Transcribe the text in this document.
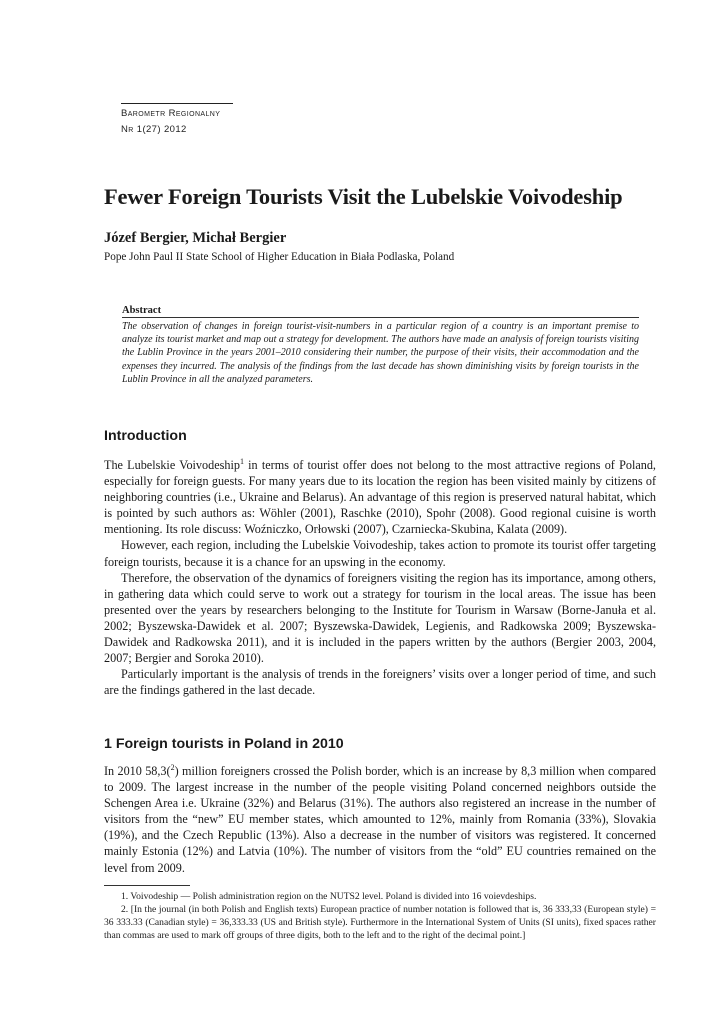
Barometr Regionalny
Nr 1(27) 2012
Fewer Foreign Tourists Visit the Lubelskie Voivodeship
Józef Bergier, Michał Bergier
Pope John Paul II State School of Higher Education in Biała Podlaska, Poland
Abstract
The observation of changes in foreign tourist-visit-numbers in a particular region of a country is an important premise to analyze its tourist market and map out a strategy for development. The authors have made an analysis of foreign tourists visiting the Lublin Province in the years 2001–2010 considering their number, the purpose of their visits, their accommodation and the expenses they incurred. The analysis of the findings from the last decade has shown diminishing visits by foreign tourists in the Lublin Province in all the analyzed parameters.
Introduction

The Lubelskie Voivodeship$^1$ in terms of tourist offer does not belong to the most attractive regions of Poland, especially for foreign guests. For many years due to its location the region has been visited mainly by citizens of neighboring countries (i.e., Ukraine and Belarus). An advantage of this region is preserved natural habitat, which is pointed by such authors as: Wöhler (2001), Raschke (2010), Spohr (2008). Good regional cuisine is worth mentioning. Its role discuss: Woźniczko, Orłowski (2007), Czarniecka-Skubina, Kalata (2009).

However, each region, including the Lubelskie Voivodeship, takes action to promote its tourist offer targeting foreign tourists, because it is a chance for an upswing in the economy.

Therefore, the observation of the dynamics of foreigners visiting the region has its importance, among others, in gathering data which could serve to work out a strategy for tourism in the local areas. The issue has been presented over the years by researchers belonging to the Institute for Tourism in Warsaw (Borne-Januła et al. 2002; Byszewska-Dawidek et al. 2007; Byszewska-Dawidek, Legienis, and Radkowska 2009; Byszewska-Dawidek and Radkowska 2011), and it is included in the papers written by the authors (Bergier 2003, 2004, 2007; Bergier and Soroka 2010).

Particularly important is the analysis of trends in the foreigners’ visits over a longer period of time, and such are the findings gathered in the last decade.

1 Foreign tourists in Poland in 2010

In 2010 58,3($^2$) million foreigners crossed the Polish border, which is an increase by 8,3 million when compared to 2009. The largest increase in the number of the people visiting Poland concerned neighbors outside the Schengen Area i.e. Ukraine (32%) and Belarus (31%). The authors also registered an increase in the number of visitors from the “new” EU member states, which amounted to 12%, mainly from Romania (33%), Slovakia (19%), and the Czech Republic (13%). Also a decrease in the number of visitors was registered. It concerned mainly Estonia (12%) and Latvia (10%). The number of visitors from the “old” EU countries remained on the level from 2009.

1. Voivodeship — Polish administration region on the NUTS2 level. Poland is divided into 16 voievdeships.

2. [In the journal (in both Polish and English texts) European practice of number notation is followed that is, 36 333,33 (European style) = 36 333.33 (Canadian style) = 36,333.33 (US and British style). Furthermore in the International System of Units (SI units), fixed spaces rather than commas are used to mark off groups of three digits, both to the left and to the right of the decimal point.]
